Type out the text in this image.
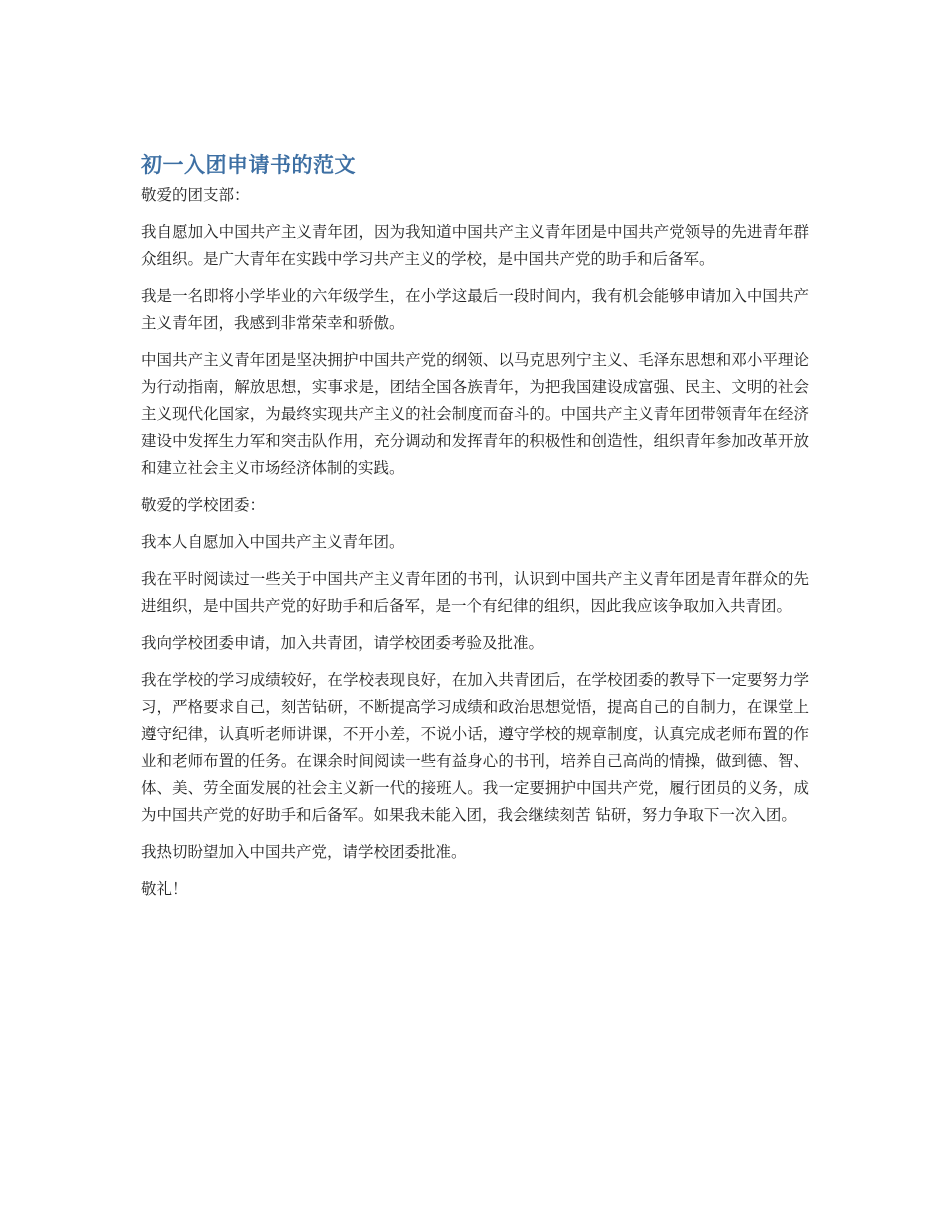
初一入团申请书的范文

敬爱的团支部：

我自愿加入中国共产主义青年团，因为我知道中国共产主义青年团是中国共产党领导的先进青年群众组织。是广大青年在实践中学习共产主义的学校，是中国共产党的助手和后备军。

我是一名即将小学毕业的六年级学生，在小学这最后一段时间内，我有机会能够申请加入中国共产主义青年团，我感到非常荣幸和骄傲。

中国共产主义青年团是坚决拥护中国共产党的纲领、以马克思列宁主义、毛泽东思想和邓小平理论为行动指南，解放思想，实事求是，团结全国各族青年，为把我国建设成富强、民主、文明的社会主义现代化国家，为最终实现共产主义的社会制度而奋斗的。中国共产主义青年团带领青年在经济建设中发挥生力军和突击队作用，充分调动和发挥青年的积极性和创造性，组织青年参加改革开放和建立社会主义市场经济体制的实践。

敬爱的学校团委：

我本人自愿加入中国共产主义青年团。

我在平时阅读过一些关于中国共产主义青年团的书刊，认识到中国共产主义青年团是青年群众的先进组织，是中国共产党的好助手和后备军，是一个有纪律的组织，因此我应该争取加入共青团。

我向学校团委申请，加入共青团，请学校团委考验及批准。

我在学校的学习成绩较好，在学校表现良好，在加入共青团后，在学校团委的教导下一定要努力学习，严格要求自己，刻苦钻研，不断提高学习成绩和政治思想觉悟，提高自己的自制力，在课堂上遵守纪律，认真听老师讲课，不开小差，不说小话，遵守学校的规章制度，认真完成老师布置的作业和老师布置的任务。在课余时间阅读一些有益身心的书刊，培养自己高尚的情操，做到德、智、体、美、劳全面发展的社会主义新一代的接班人。我一定要拥护中国共产党，履行团员的义务，成为中国共产党的好助手和后备军。如果我未能入团，我会继续刻苦 钻研，努力争取下一次入团。

我热切盼望加入中国共产党，请学校团委批准。

敬礼！
